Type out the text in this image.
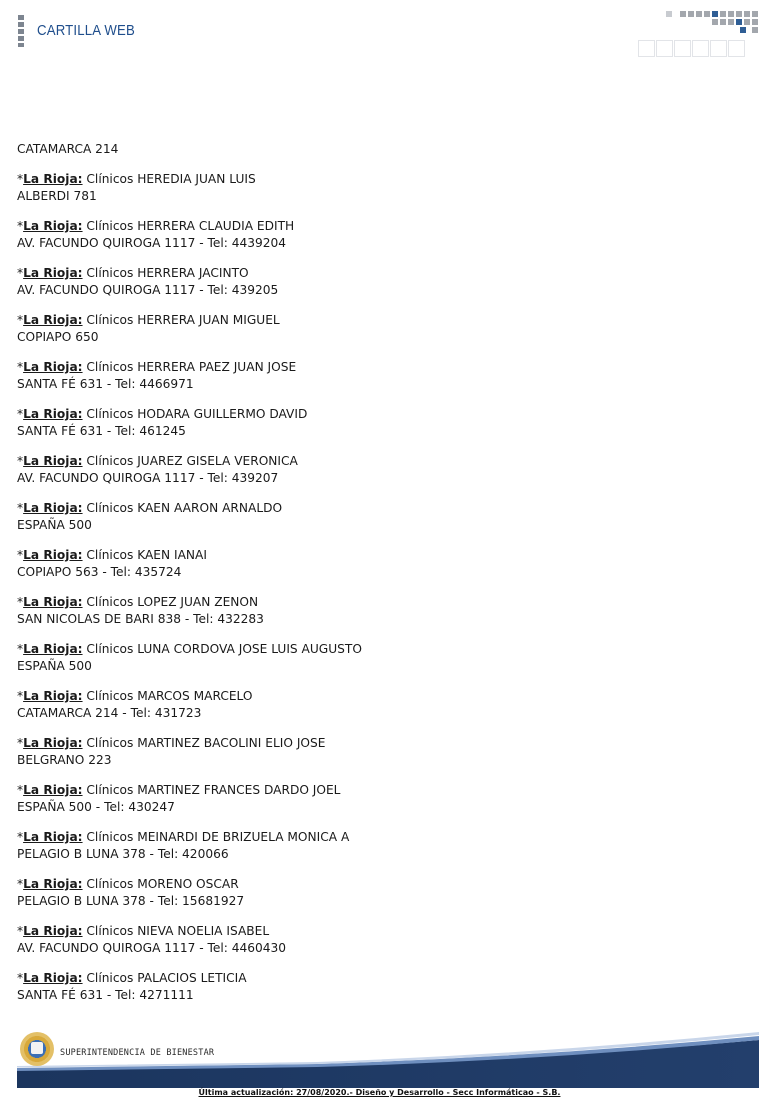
CARTILLA WEB
CATAMARCA 214
*La Rioja: Clínicos HEREDIA JUAN LUIS
ALBERDI 781
*La Rioja: Clínicos HERRERA CLAUDIA EDITH
AV. FACUNDO QUIROGA 1117 - Tel: 4439204
*La Rioja: Clínicos HERRERA JACINTO
AV. FACUNDO QUIROGA 1117 - Tel: 439205
*La Rioja: Clínicos HERRERA JUAN MIGUEL
COPIAPO 650
*La Rioja: Clínicos HERRERA PAEZ JUAN JOSE
SANTA FÉ 631 - Tel: 4466971
*La Rioja: Clínicos HODARA GUILLERMO DAVID
SANTA FÉ 631 - Tel: 461245
*La Rioja: Clínicos JUAREZ GISELA VERONICA
AV. FACUNDO QUIROGA 1117 - Tel: 439207
*La Rioja: Clínicos KAEN AARON ARNALDO
ESPAÑA 500
*La Rioja: Clínicos KAEN IANAI
COPIAPO 563 - Tel: 435724
*La Rioja: Clínicos LOPEZ JUAN ZENON
SAN NICOLAS DE BARI 838 - Tel: 432283
*La Rioja: Clínicos LUNA CORDOVA JOSE LUIS AUGUSTO
ESPAÑA 500
*La Rioja: Clínicos MARCOS MARCELO
CATAMARCA 214 - Tel: 431723
*La Rioja: Clínicos MARTINEZ BACOLINI ELIO JOSE
BELGRANO 223
*La Rioja: Clínicos MARTINEZ FRANCES DARDO JOEL
ESPAÑA 500 - Tel: 430247
*La Rioja: Clínicos MEINARDI DE BRIZUELA MONICA A
PELAGIO B LUNA 378 - Tel: 420066
*La Rioja: Clínicos MORENO OSCAR
PELAGIO B LUNA 378 - Tel: 15681927
*La Rioja: Clínicos NIEVA NOELIA ISABEL
AV. FACUNDO QUIROGA 1117 - Tel: 4460430
*La Rioja: Clínicos PALACIOS LETICIA
SANTA FÉ 631 - Tel: 4271111
SUPERINTENDENCIA DE BIENESTAR
Última actualización: 27/08/2020.- Diseño y Desarrollo - Secc Informáticao - S.B.
